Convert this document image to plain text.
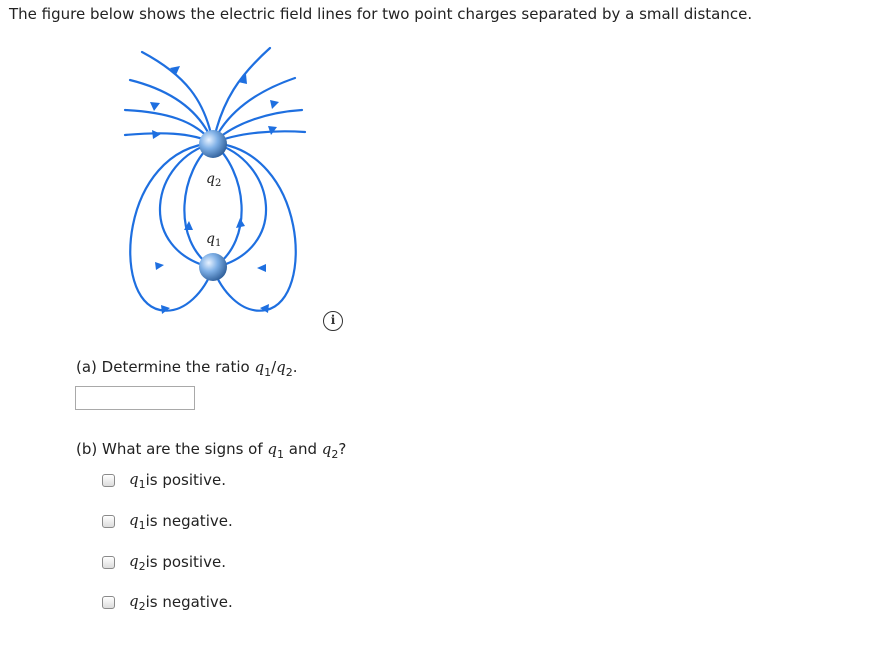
The figure below shows the electric field lines for two point charges separated by a small distance.
$q_2$
$q_1$
i
(a) Determine the ratio $q_1/q_2$.
(b) What are the signs of $q_1$ and $q_2$?
$q_1$ is positive.
$q_1$ is negative.
$q_2$ is positive.
$q_2$ is negative.
